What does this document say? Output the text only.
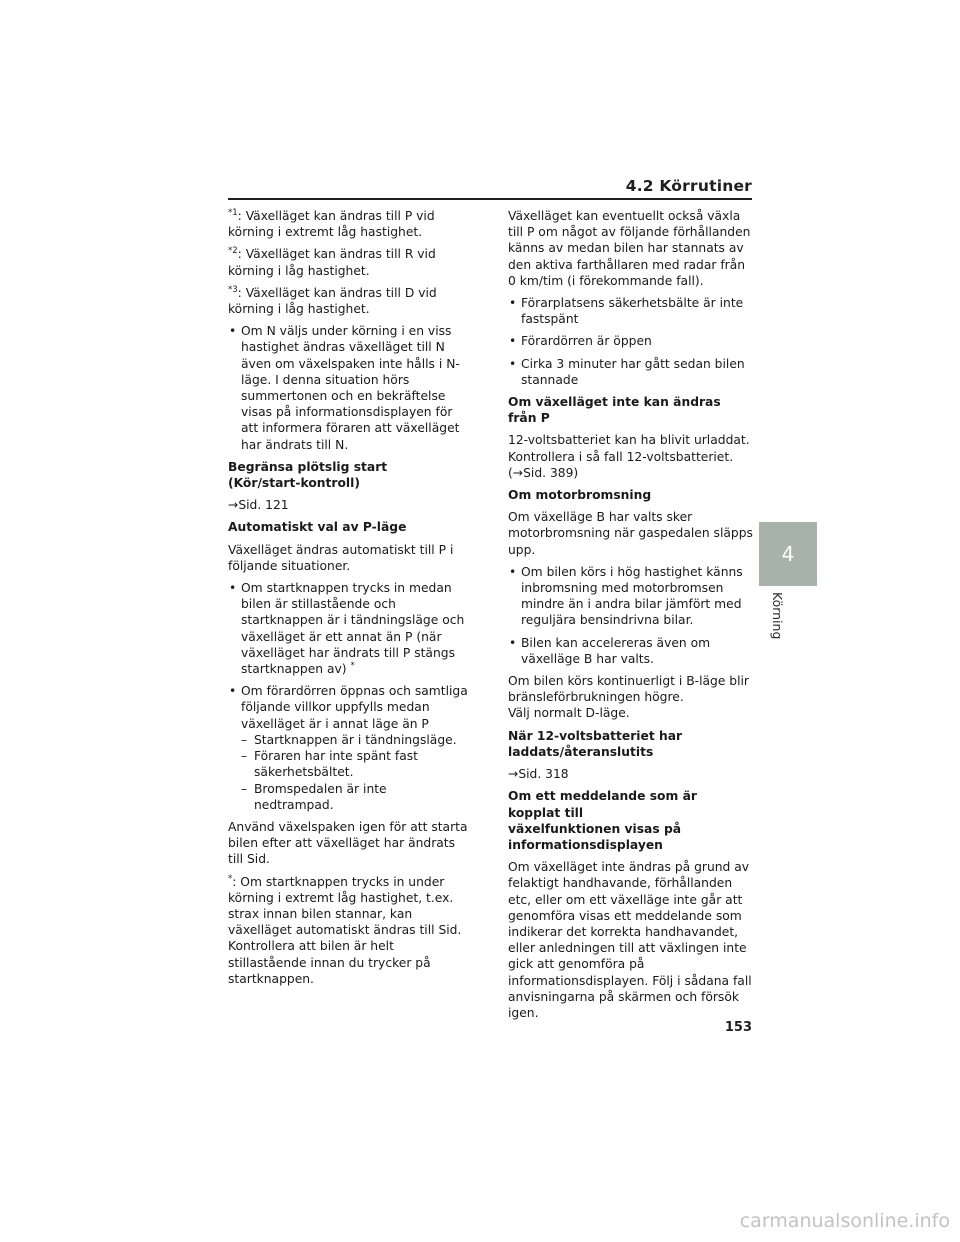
4.2 Körrutiner

$^{*1}$: Växelläget kan ändras till P vid körning i extremt låg hastighet.

$^{*2}$: Växelläget kan ändras till R vid körning i låg hastighet.

$^{*3}$: Växelläget kan ändras till D vid körning i låg hastighet.

• Om N väljs under körning i en viss hastighet ändras växelläget till N även om växelspaken inte hålls i N-läge. I denna situation hörs summertonen och en bekräftelse visas på informationsdisplayen för att informera föraren att växelläget har ändrats till N.

Begränsa plötslig start
(Kör/start-kontroll)

→Sid. 121

Automatiskt val av P-läge

Växelläget ändras automatiskt till P i följande situationer.

• Om startknappen trycks in medan bilen är stillastående och startknappen är i tändningsläge och växelläget är ett annat än P (när växelläget har ändrats till P stängs startknappen av) *
• Om förardörren öppnas och samtliga följande villkor uppfylls medan växelläget är i annat läge än P
– Startknappen är i tändningsläge.
– Föraren har inte spänt fast säkerhetsbältet.
– Bromspedalen är inte nedtrampad.

Använd växelspaken igen för att starta bilen efter att växelläget har ändrats till Sid.

*: Om startknappen trycks in under körning i extremt låg hastighet, t.ex. strax innan bilen stannar, kan växelläget automatiskt ändras till Sid. Kontrollera att bilen är helt stillastående innan du trycker på startknappen.

Växelläget kan eventuellt också växla till P om något av följande förhållanden känns av medan bilen har stannats av den aktiva farthållaren med radar från 0 km/tim (i förekommande fall).

• Förarplatsens säkerhetsbälte är inte fastspänt
• Förardörren är öppen
• Cirka 3 minuter har gått sedan bilen stannade

Om växelläget inte kan ändras från P

12-voltsbatteriet kan ha blivit urladdat. Kontrollera i så fall 12-voltsbatteriet.
(→Sid. 389)

Om motorbromsning

Om växelläge B har valts sker motorbromsning när gaspedalen släpps upp.

• Om bilen körs i hög hastighet känns inbromsning med motorbromsen mindre än i andra bilar jämfört med reguljära bensindrivna bilar.
• Bilen kan accelereras även om växelläge B har valts.

Om bilen körs kontinuerligt i B-läge blir bränsleförbrukningen högre.
Välj normalt D-läge.

När 12-voltsbatteriet har
laddats/återanslutits

→Sid. 318

Om ett meddelande som är kopplat till
växelfunktionen visas på
informationsdisplayen

Om växelläget inte ändras på grund av felaktigt handhavande, förhållanden etc, eller om ett växelläge inte går att genomföra visas ett meddelande som indikerar det korrekta handhavandet, eller anledningen till att växlingen inte gick att genomföra på informationsdisplayen. Följ i sådana fall anvisningarna på skärmen och försök igen.

4
Körning
153
carmanualsonline.info
